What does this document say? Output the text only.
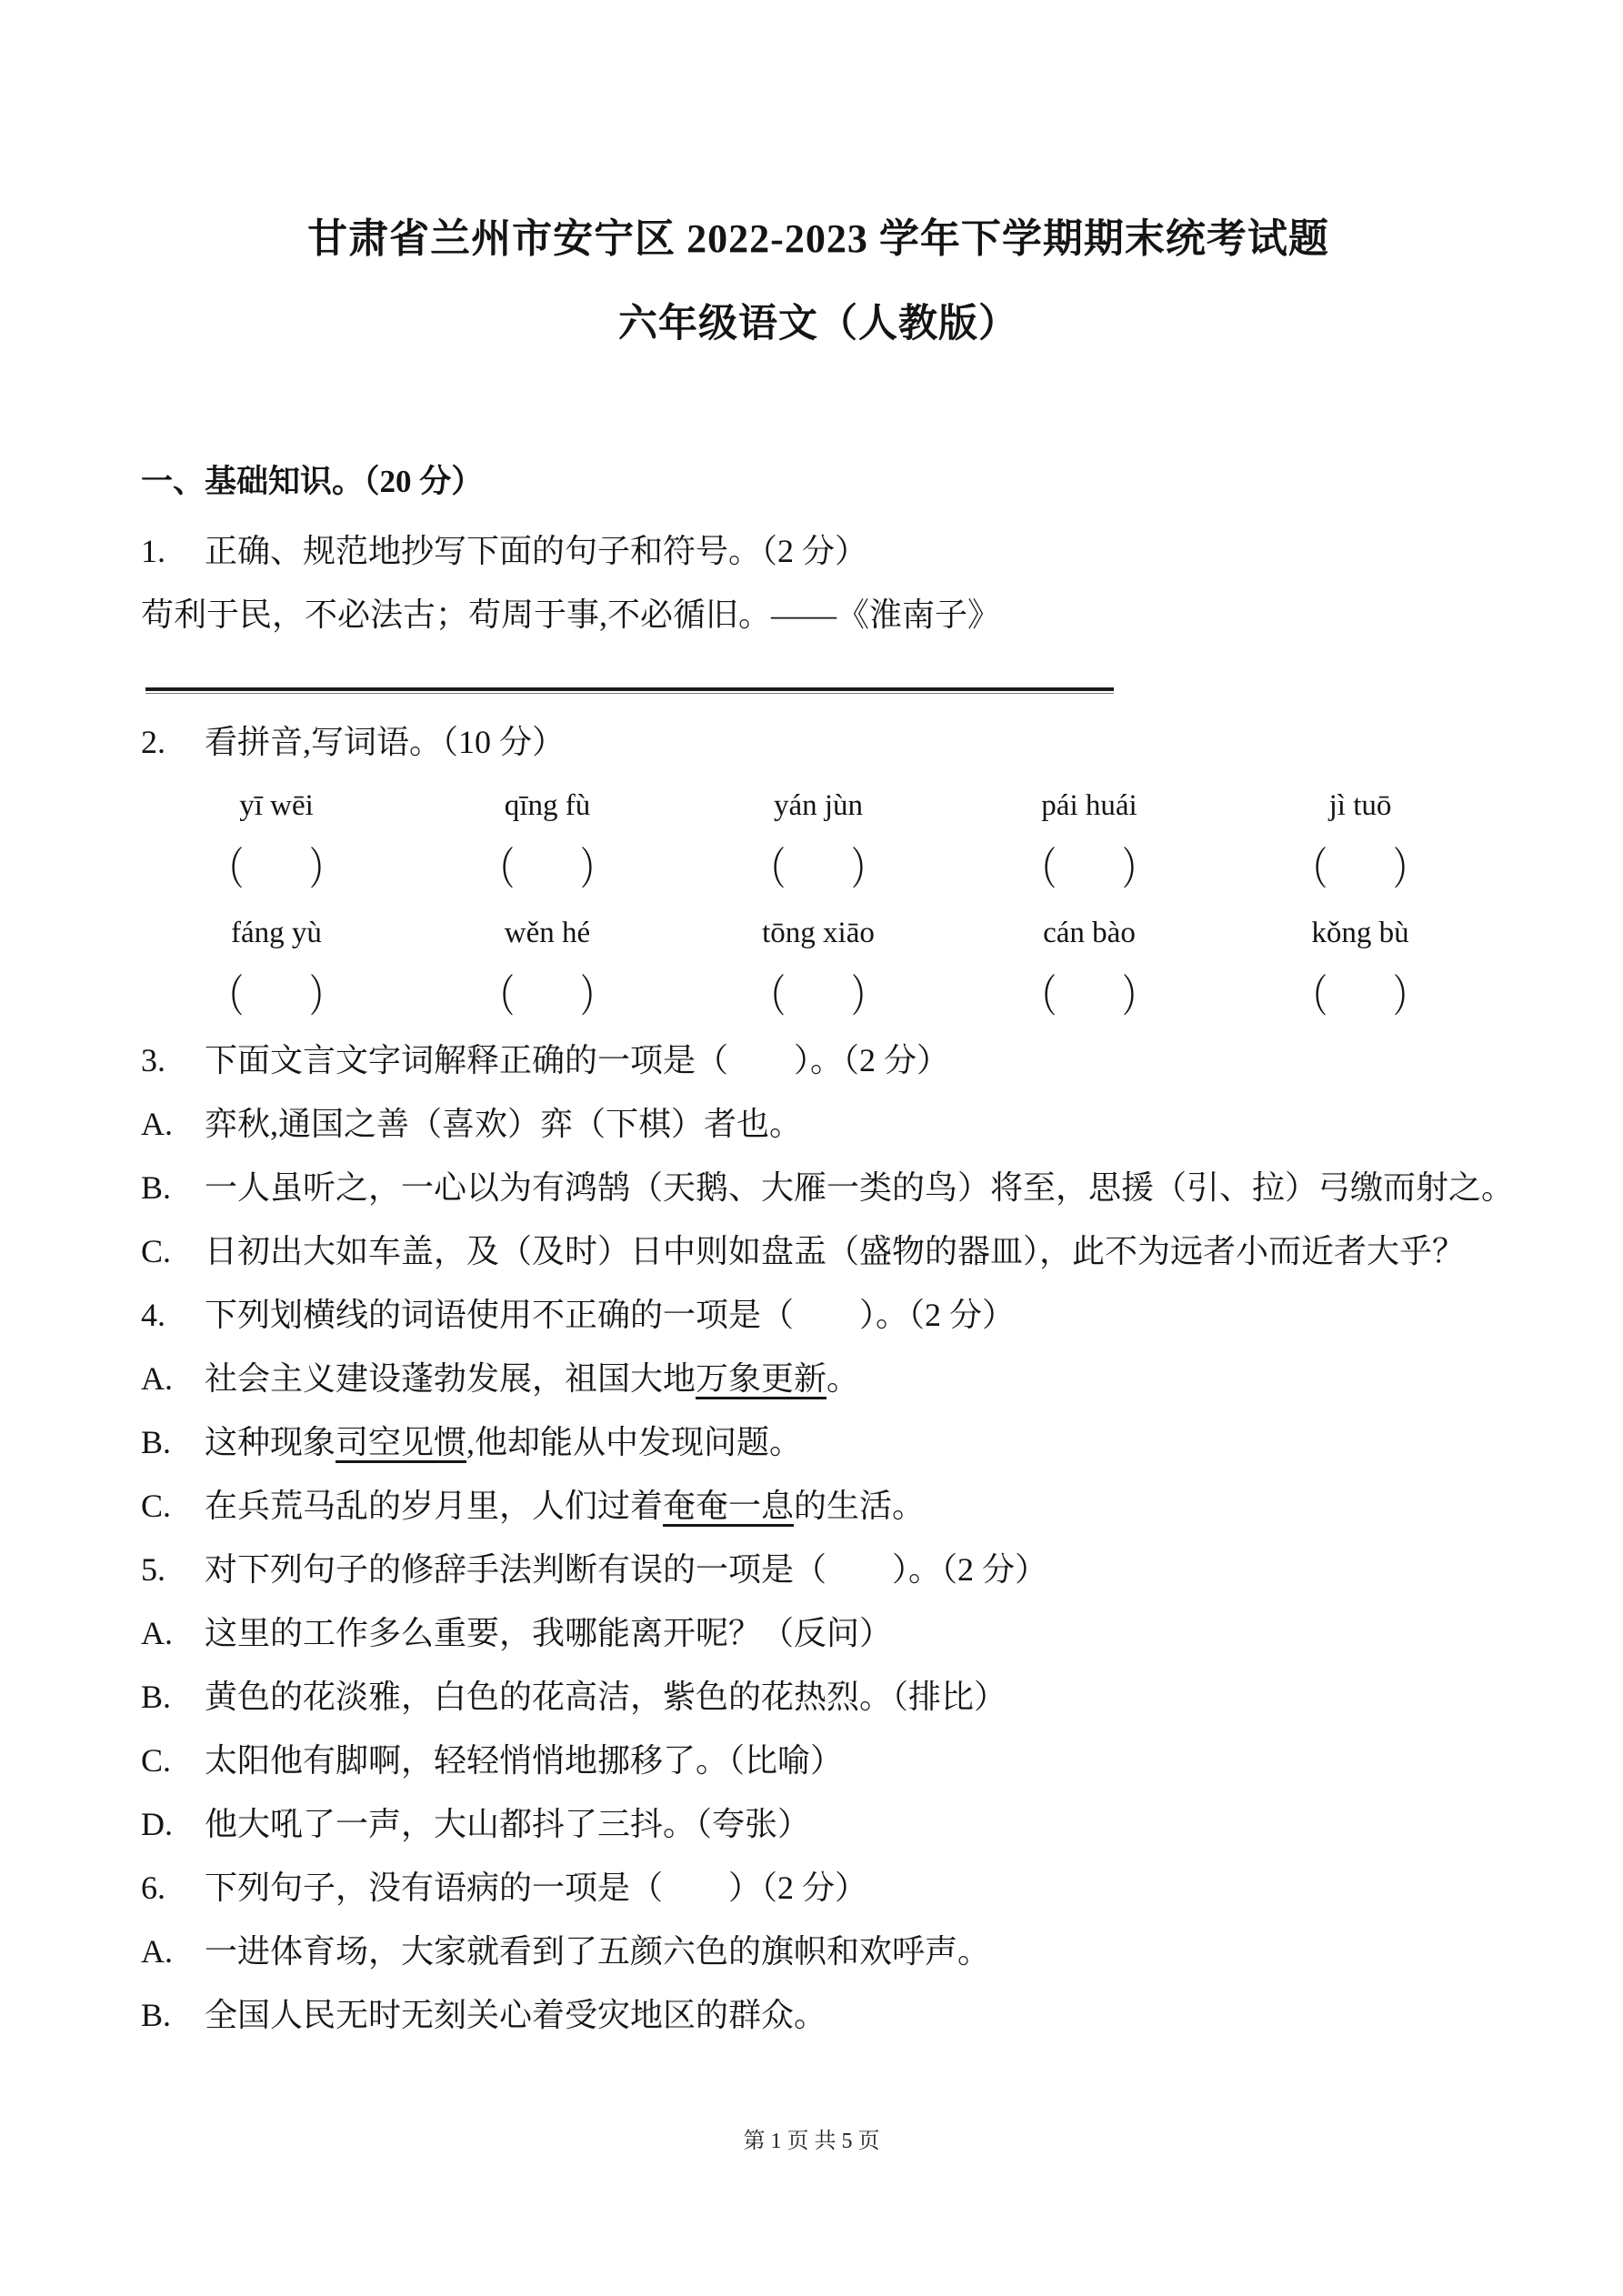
甘肃省兰州市安宁区 2022-2023 学年下学期期末统考试题
六年级语文（人教版）
一、基础知识。（20 分）
1. 正确、规范地抄写下面的句子和符号。（2 分）
苟利于民，不必法古；苟周于事,不必循旧。——《淮南子》
2. 看拼音,写词语。（10 分）
yī wēi	qīng fù	yán jùn	pái huái	jì tuō
（　　）	（　　）	（　　）	（　　）	（　　）
fáng yù	wěn hé	tōng xiāo	cán bào	kǒng bù
（　　）	（　　）	（　　）	（　　）	（　　）
3. 下面文言文字词解释正确的一项是（　　）。（2 分）
A. 弈秋,通国之善（喜欢）弈（下棋）者也。
B. 一人虽听之，一心以为有鸿鹄（天鹅、大雁一类的鸟）将至，思援（引、拉）弓缴而射之。
C. 日初出大如车盖，及（及时）日中则如盘盂（盛物的器皿），此不为远者小而近者大乎？
4. 下列划横线的词语使用不正确的一项是（　　）。（2 分）
A. 社会主义建设蓬勃发展，祖国大地万象更新。
B. 这种现象司空见惯,他却能从中发现问题。
C. 在兵荒马乱的岁月里，人们过着奄奄一息的生活。
5. 对下列句子的修辞手法判断有误的一项是（　　）。（2 分）
A. 这里的工作多么重要，我哪能离开呢？（反问）
B. 黄色的花淡雅，白色的花高洁，紫色的花热烈。（排比）
C. 太阳他有脚啊，轻轻悄悄地挪移了。（比喻）
D. 他大吼了一声，大山都抖了三抖。（夸张）
6. 下列句子，没有语病的一项是（　　）（2 分）
A. 一进体育场，大家就看到了五颜六色的旗帜和欢呼声。
B. 全国人民无时无刻关心着受灾地区的群众。
第 1 页 共 5 页
